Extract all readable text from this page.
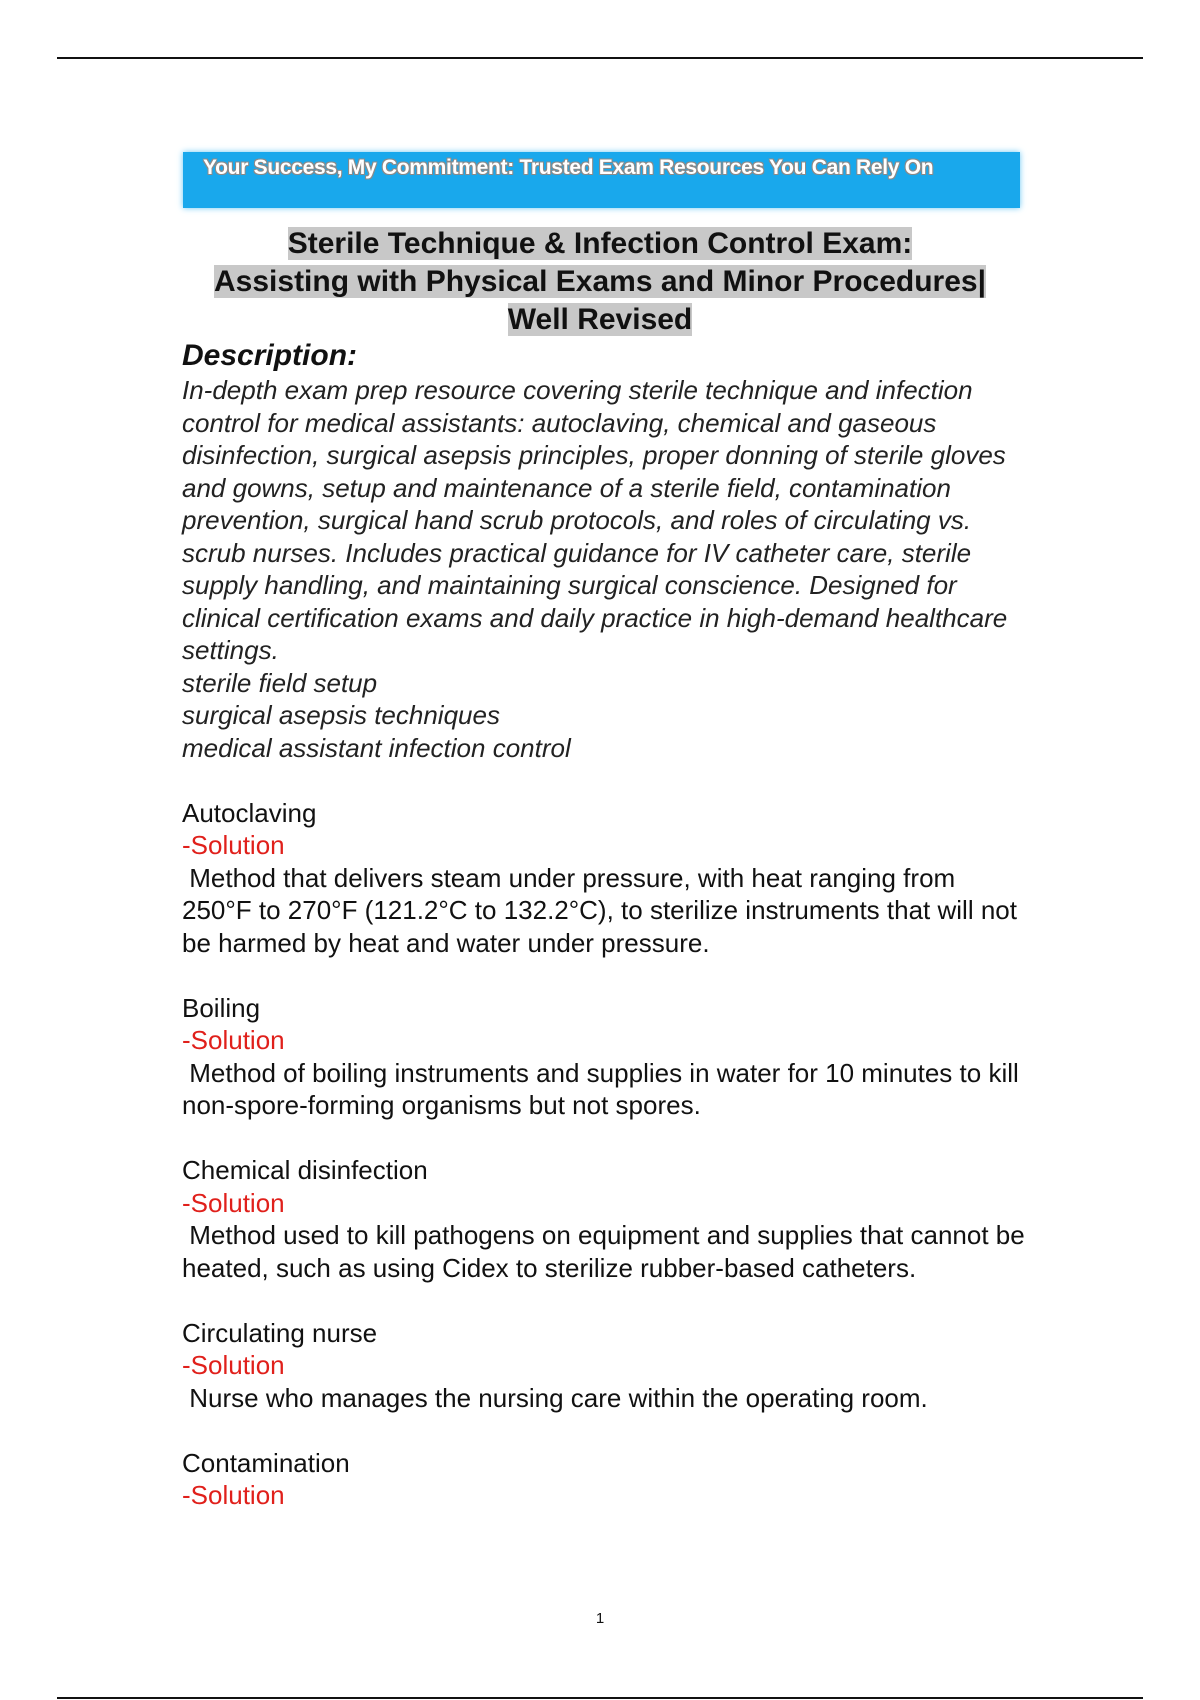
Your Success, My Commitment: Trusted Exam Resources You Can Rely On
Sterile Technique & Infection Control Exam:
Assisting with Physical Exams and Minor Procedures|
Well Revised
Description:
In-depth exam prep resource covering sterile technique and infection control for medical assistants: autoclaving, chemical and gaseous disinfection, surgical asepsis principles, proper donning of sterile gloves and gowns, setup and maintenance of a sterile field, contamination prevention, surgical hand scrub protocols, and roles of circulating vs. scrub nurses. Includes practical guidance for IV catheter care, sterile supply handling, and maintaining surgical conscience. Designed for clinical certification exams and daily practice in high-demand healthcare settings.
sterile field setup
surgical asepsis techniques
medical assistant infection control
Autoclaving
-Solution
Method that delivers steam under pressure, with heat ranging from 250°F to 270°F (121.2°C to 132.2°C), to sterilize instruments that will not be harmed by heat and water under pressure.
Boiling
-Solution
Method of boiling instruments and supplies in water for 10 minutes to kill non-spore-forming organisms but not spores.
Chemical disinfection
-Solution
Method used to kill pathogens on equipment and supplies that cannot be heated, such as using Cidex to sterilize rubber-based catheters.
Circulating nurse
-Solution
Nurse who manages the nursing care within the operating room.
Contamination
-Solution
1
